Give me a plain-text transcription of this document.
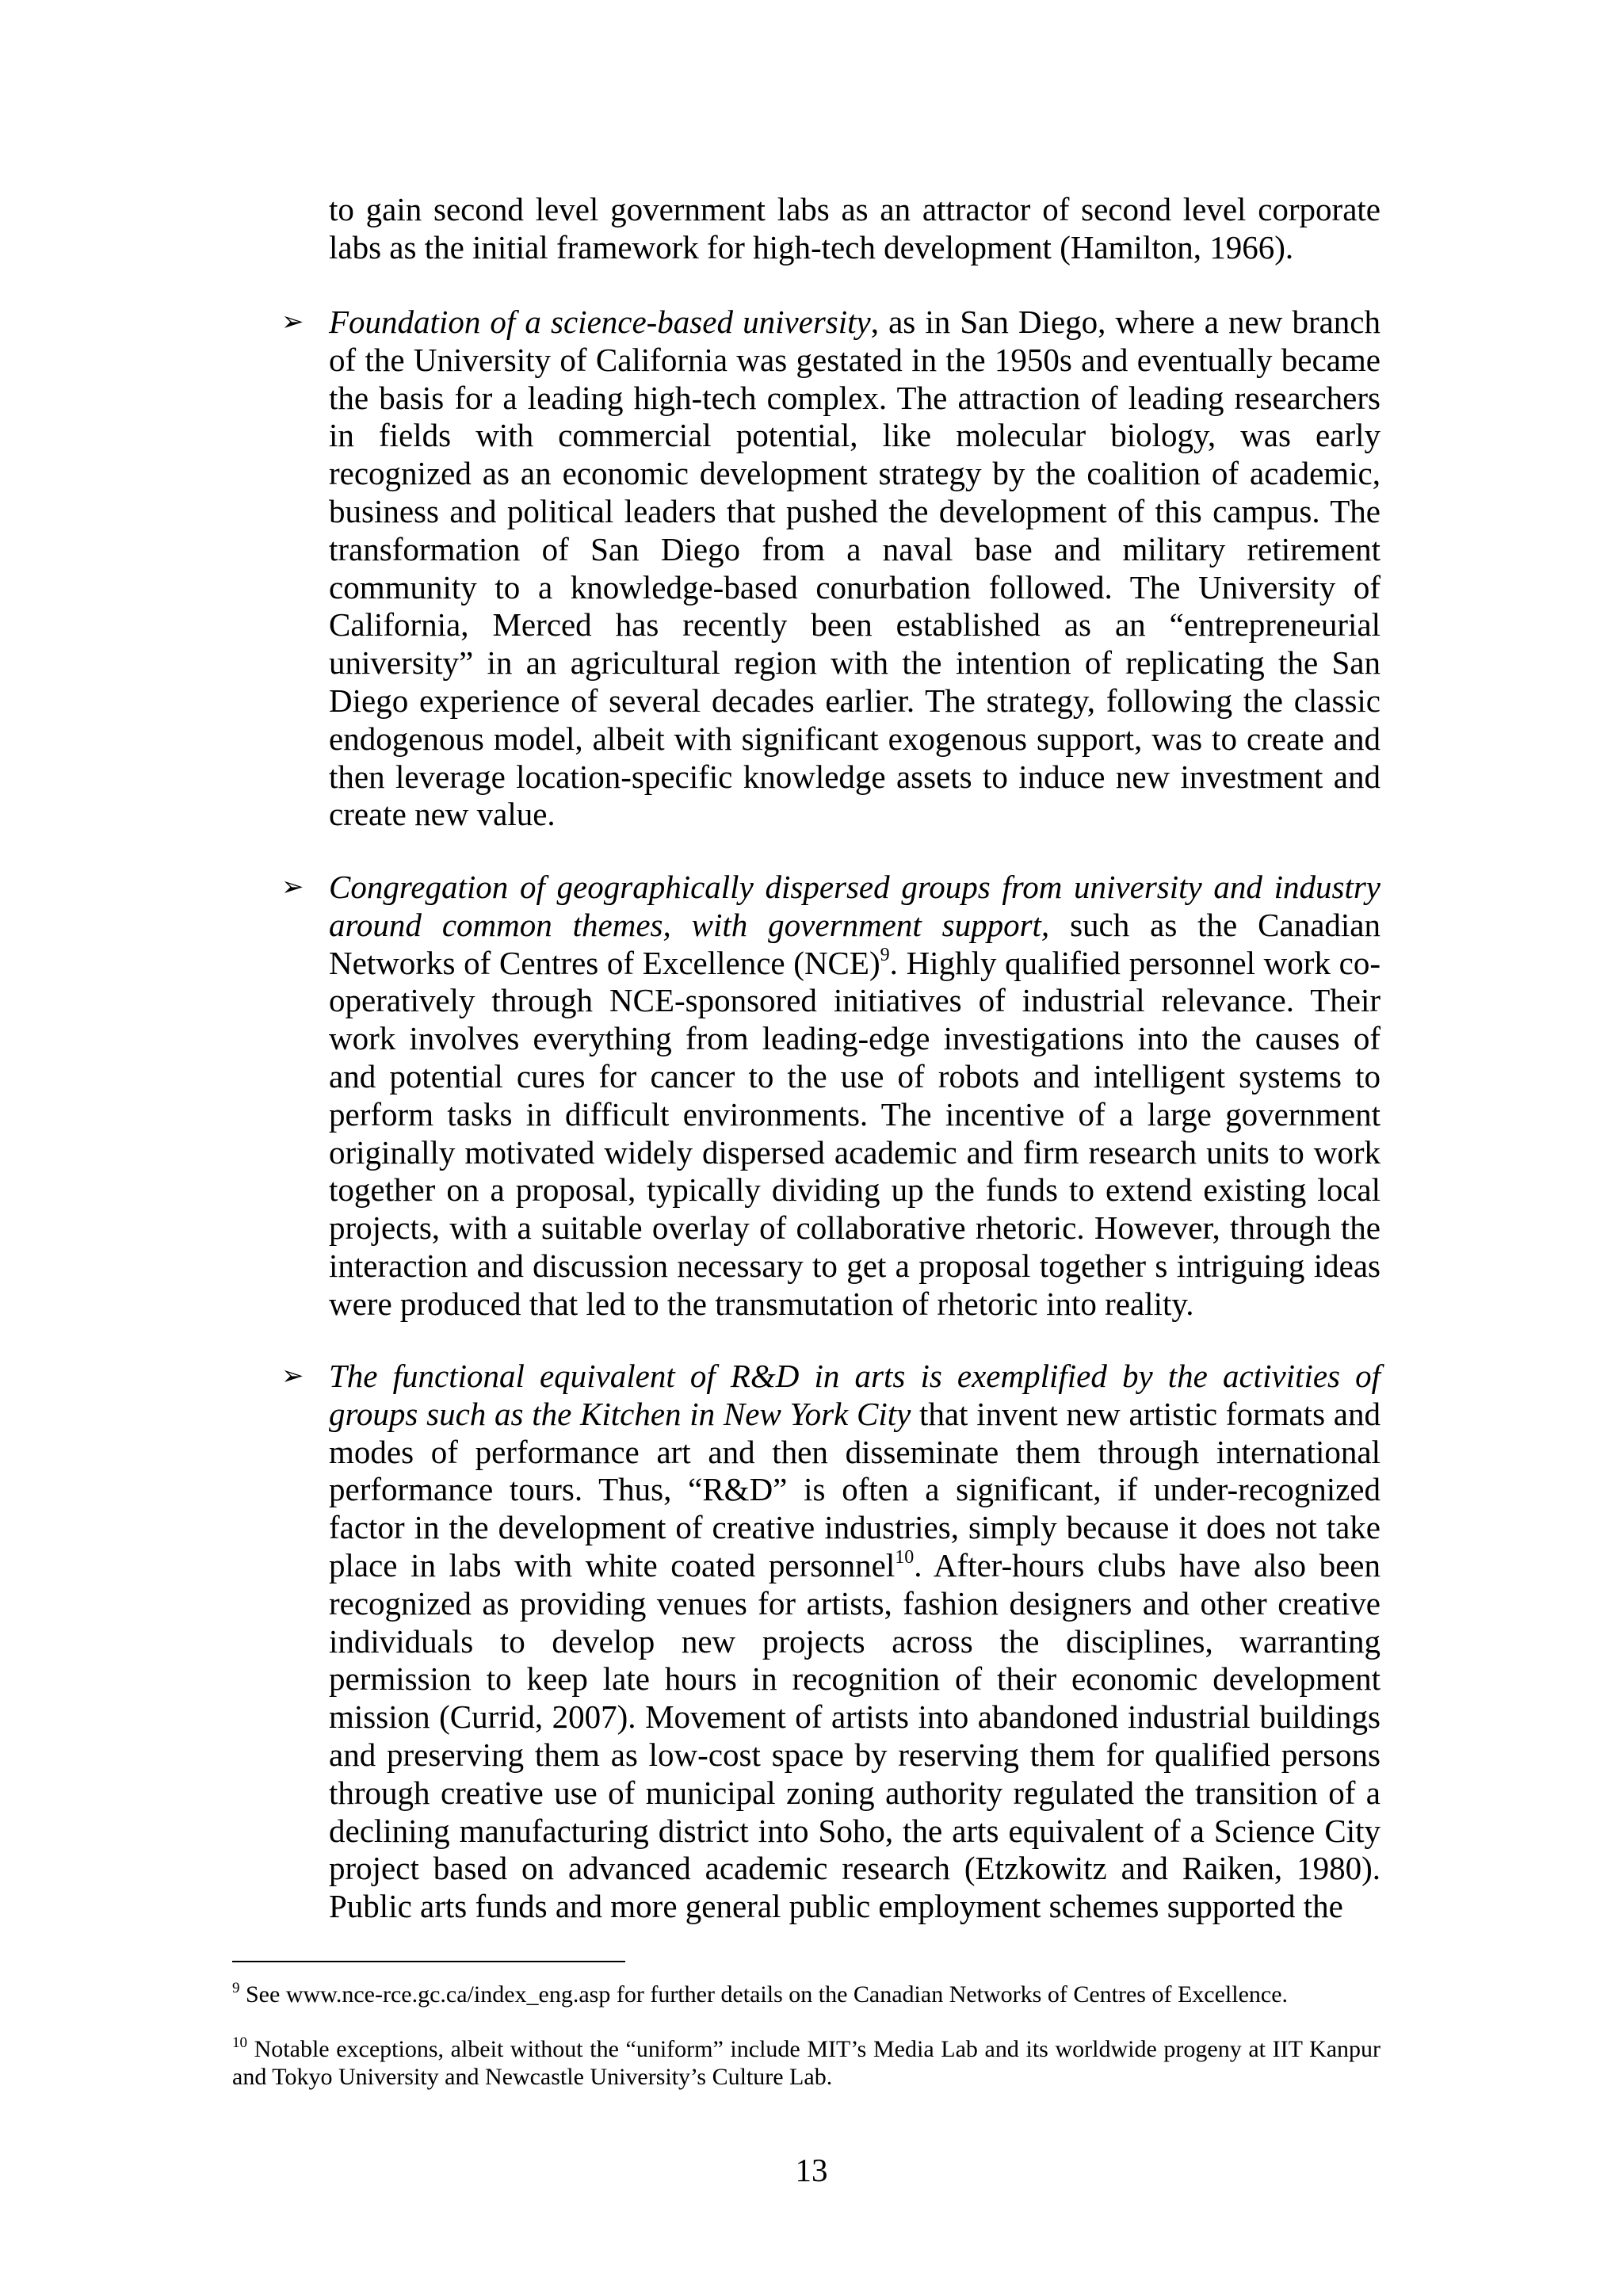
to gain second level government labs as an attractor of second level corporate labs as the initial framework for high-tech development (Hamilton, 1966).

➢ Foundation of a science-based university, as in San Diego, where a new branch of the University of California was gestated in the 1950s and eventually became the basis for a leading high-tech complex. The attraction of leading researchers in fields with commercial potential, like molecular biology, was early recognized as an economic development strategy by the coalition of academic, business and political leaders that pushed the development of this campus. The transformation of San Diego from a naval base and military retirement community to a knowledge-based conurbation followed. The University of California, Merced has recently been established as an “entrepreneurial university” in an agricultural region with the intention of replicating the San Diego experience of several decades earlier. The strategy, following the classic endogenous model, albeit with significant exogenous support, was to create and then leverage location-specific knowledge assets to induce new investment and create new value.
➢ Congregation of geographically dispersed groups from university and industry around common themes, with government support, such as the Canadian Networks of Centres of Excellence (NCE)$^9$. Highly qualified personnel work co-operatively through NCE-sponsored initiatives of industrial relevance. Their work involves everything from leading-edge investigations into the causes of and potential cures for cancer to the use of robots and intelligent systems to perform tasks in difficult environments. The incentive of a large government originally motivated widely dispersed academic and firm research units to work together on a proposal, typically dividing up the funds to extend existing local projects, with a suitable overlay of collaborative rhetoric. However, through the interaction and discussion necessary to get a proposal together s intriguing ideas were produced that led to the transmutation of rhetoric into reality.
➢ The functional equivalent of R&D in arts is exemplified by the activities of groups such as the Kitchen in New York City that invent new artistic formats and modes of performance art and then disseminate them through international performance tours. Thus, “R&D” is often a significant, if under-recognized factor in the development of creative industries, simply because it does not take place in labs with white coated personnel$^{10}$. After-hours clubs have also been recognized as providing venues for artists, fashion designers and other creative individuals to develop new projects across the disciplines, warranting permission to keep late hours in recognition of their economic development mission (Currid, 2007). Movement of artists into abandoned industrial buildings and preserving them as low-cost space by reserving them for qualified persons through creative use of municipal zoning authority regulated the transition of a declining manufacturing district into Soho, the arts equivalent of a Science City project based on advanced academic research (Etzkowitz and Raiken, 1980). Public arts funds and more general public employment schemes supported the
$^9$ See www.nce-rce.gc.ca/index_eng.asp for further details on the Canadian Networks of Centres of Excellence.
$^{10}$ Notable exceptions, albeit without the “uniform” include MIT’s Media Lab and its worldwide progeny at IIT Kanpur and Tokyo University and Newcastle University’s Culture Lab.
13
